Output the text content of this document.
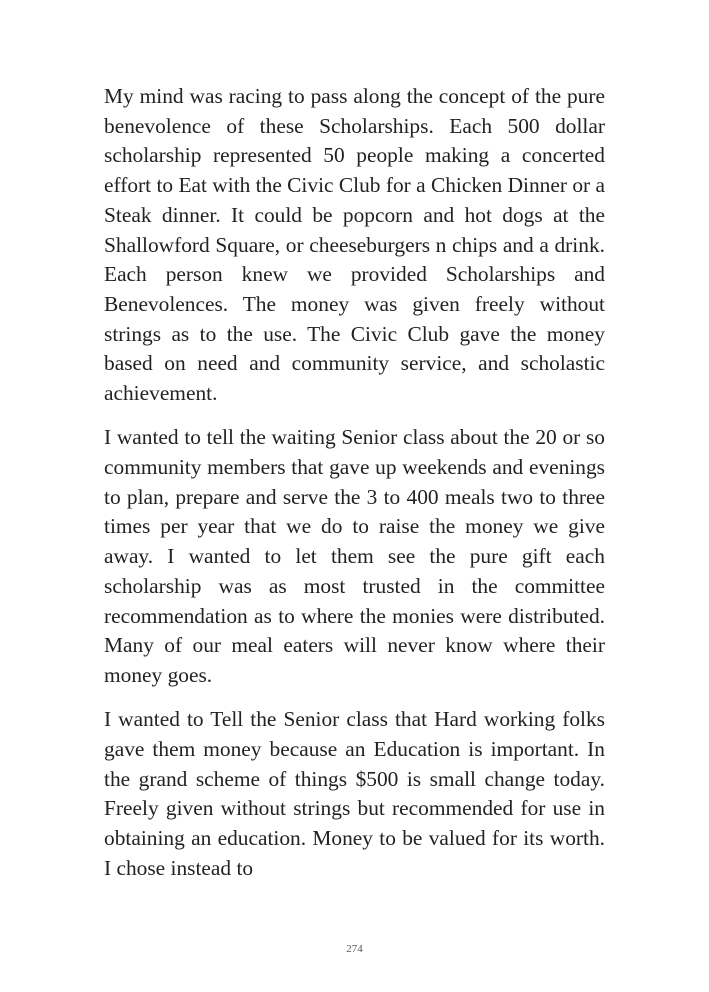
My mind was racing to pass along the concept of the pure benevolence of these Scholarships. Each 500 dollar scholarship represented 50 people making a concerted effort to Eat with the Civic Club for a Chicken Dinner or a Steak dinner. It could be popcorn and hot dogs at the Shallowford Square, or cheeseburgers n chips and a drink. Each person knew we provided Scholarships and Benevolences. The money was given freely without strings as to the use. The Civic Club gave the money based on need and community service, and scholastic achievement.

I wanted to tell the waiting Senior class about the 20 or so community members that gave up weekends and evenings to plan, prepare and serve the 3 to 400 meals two to three times per year that we do to raise the money we give away. I wanted to let them see the pure gift each scholarship was as most trusted in the committee recommendation as to where the monies were distributed. Many of our meal eaters will never know where their money goes.

I wanted to Tell the Senior class that Hard working folks gave them money because an Education is important. In the grand scheme of things $500 is small change today. Freely given without strings but recommended for use in obtaining an education. Money to be valued for its worth. I chose instead to

274
